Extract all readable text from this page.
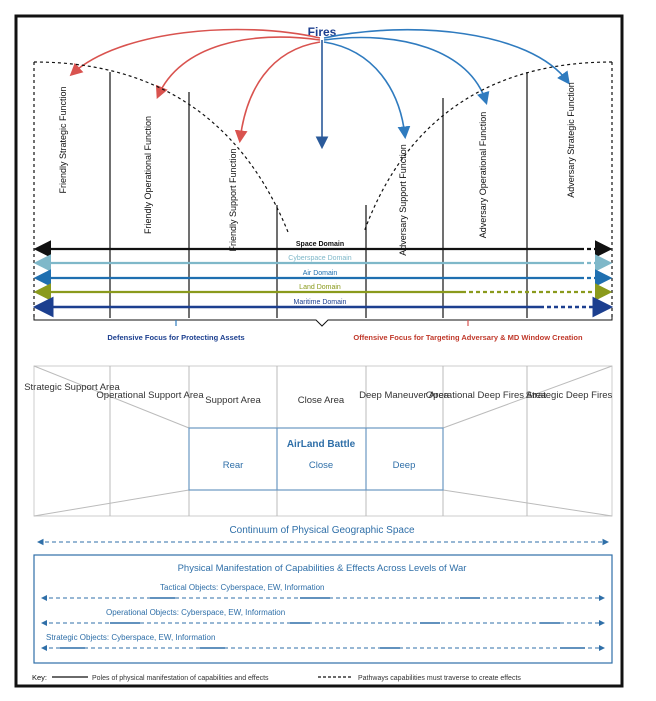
Fires
Friendly Strategic Function	Friendly Operational Function	Friendly Support Function	Adversary Support Function	Adversary Operational Function	Adversary Strategic Function
Space Domain
Cyberspace Domain
Air Domain
Land Domain
Maritime Domain
Defensive Focus for Protecting Assets	Offensive Focus for Targeting Adversary & MD Window Creation
Strategic Support Area
Operational Support Area Support Area	Close Area Deep Maneuver Area
Operational Deep Fires Area
Strategic Deep Fires
AirLand Battle
Rear	Close	Deep
Continuum of Physical Geographic Space
Physical Manifestation of Capabilities & Effects Across Levels of War
Tactical Objects: Cyberspace, EW, Information
Operational Objects: Cyberspace, EW, Information
Strategic Objects: Cyberspace, EW, Information
Key:	Poles of physical manifestation of capabilities and effects	Pathways capabilities must traverse to create effects
